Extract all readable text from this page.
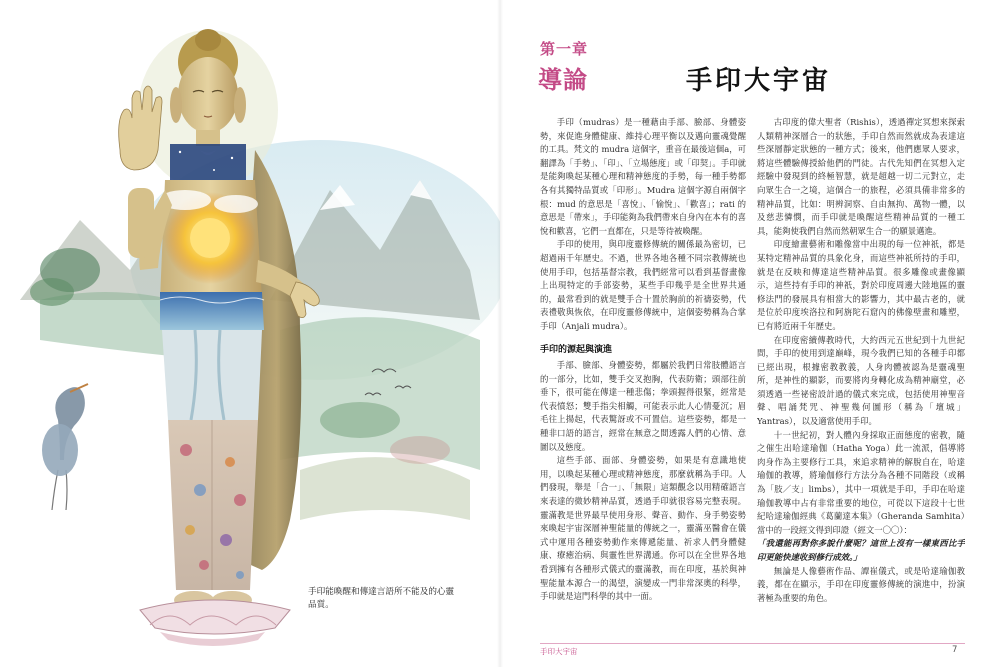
手印能喚醒和傳達言語所不能及的心靈品質。
第一章
導論	手印大宇宙

手印（mudras）是一種藉由手部、臉部、身體姿勢，來促進身體健康、維持心理平衡以及邁向靈魂覺醒的工具。梵文的 mudra 這個字，重音在最後這個a，可翻譯為「手勢」、「印」、「立場態度」或「印契」。手印就是能夠喚起某種心理和精神態度的手勢，每一種手勢都各有其獨特品質或「印形」。Mudra 這個字源自兩個字根：mud 的意思是「喜悅」、「愉悅」、「歡喜」；rati 的意思是「帶來」，手印能夠為我們帶來自身內在本有的喜悅和歡喜，它們一直都在，只是等待被喚醒。

手印的使用，與印度靈修傳統的關係最為密切，已超過兩千年歷史。不過，世界各地各種不同宗教傳統也使用手印，包括基督宗教，我們經常可以看到基督畫像上出現特定的手部姿勢，某些手印幾乎是全世界共通的，最常看到的就是雙手合十置於胸前的祈禱姿勢，代表禮敬與恢依，在印度靈修傳統中，這個姿勢稱為合掌手印（Anjali mudra）。

手印的源起與演進

手部、臉部、身體姿勢，都屬於我們日常肢體語言的一部分，比如，雙手交叉抱胸，代表防衛；頭部往前垂下，很可能在傳達一種悲傷；拳頭握得很緊，經常是代表憤怒；雙手指尖相觸，可能表示此人心情憂沉；眉毛往上揚起，代表驚訝或不可置信。這些姿勢，都是一種非口語的語言，經常在無意之間透露人們的心情、意圖以及態度。

這些手部、面部、身體姿勢，如果是有意識地使用，以喚起某種心理或精神態度，那麼就稱為手印。人們發現，舉是「合一」、「無限」這類觀念以用精確語言來表達的微妙精神品質，透過手印就很容易完整表現。靈滿教是世界最早使用身形、聲音、動作、身手勢姿勢來喚起宇宙深層神聖能量的傳統之一，靈滿巫醫會在儀式中運用各種姿勢動作來傳遞能量、祈求人們身體健康、療癒治病、與靈性世界溝通。你可以在全世界各地看到擁有各種形式儀式的靈滿教，而在印度，基於與神聖能量本源合一的渴望，演變成一門非常深奧的科學，手印就是這門科學的其中一面。

古印度的偉大聖者（Rishis），透過禪定冥想來探索人類精神深層合一的狀態，手印自然而然就成為表達這些深層靜定狀態的一種方式；後來，他們應眾人要求，將這些體驗傳授給他們的門徒。古代先知們在冥想入定經驗中發現到的終極智慧，就是超越一切二元對立，走向眾生合一之境，這個合一的旅程，必須具備非常多的精神品質，比如：明辨洞察、自由無拘、萬物一體，以及慈悲憐憫，而手印就是喚醒這些精神品質的一種工具，能夠使我們自然而然朝眾生合一的願景邁進。

印度繪畫藝術和雕像當中出現的每一位神祇，都是某特定精神品質的具象化身，而這些神祇所持的手印，就是在反映和傳達這些精神品質。很多雕像或畫像顯示，這些持有手印的神祇，對於印度周邊大陸地區的靈修法門的發展具有相當大的影響力，其中最古老的，就是位於印度埃洛拉和阿旃陀石窟內的佛像壁畫和雕塑，已有將近兩千年歷史。

在印度密續傳教時代，大約西元五世紀到十九世紀間，手印的使用到達巔峰，現今我們已知的各種手印都已經出現，根據密教教義，人身肉體被認為是靈魂聖所，是神性的顯影，而要將肉身轉化成為精神廟堂，必須透過一些祕密設計過的儀式來完成，包括使用神聖音聲、唱誦梵咒、神聖幾何圖形（稱為「壇城」Yantras），以及適當使用手印。

十一世紀初，對人體內身採取正面態度的密教，隨之催生出哈達瑜伽（Hatha Yoga）此一流派，倡導將肉身作為主要修行工具，來追求精神的解脫自在，哈達瑜伽的教導，將瑜伽修行方法分為各種不同階段（或稱為「肢／支」limbs），其中一項就是手印，手印在哈達瑜伽教導中占有非常重要的地位，可從以下這段十七世紀哈達瑜伽經典《葛蘭達本集》（Gheranda Samhita）當中的一段經文得到印證（經文一〇〇）：

「我還能再對你多說什麼呢？這世上沒有一樣東西比手印更能快速收到修行成效。」

無論是人像藝術作品、譚崔儀式，或是哈達瑜伽教義，都在在顯示，手印在印度靈修傳統的演進中，扮演著極為重要的角色。

手印大宇宙	7
